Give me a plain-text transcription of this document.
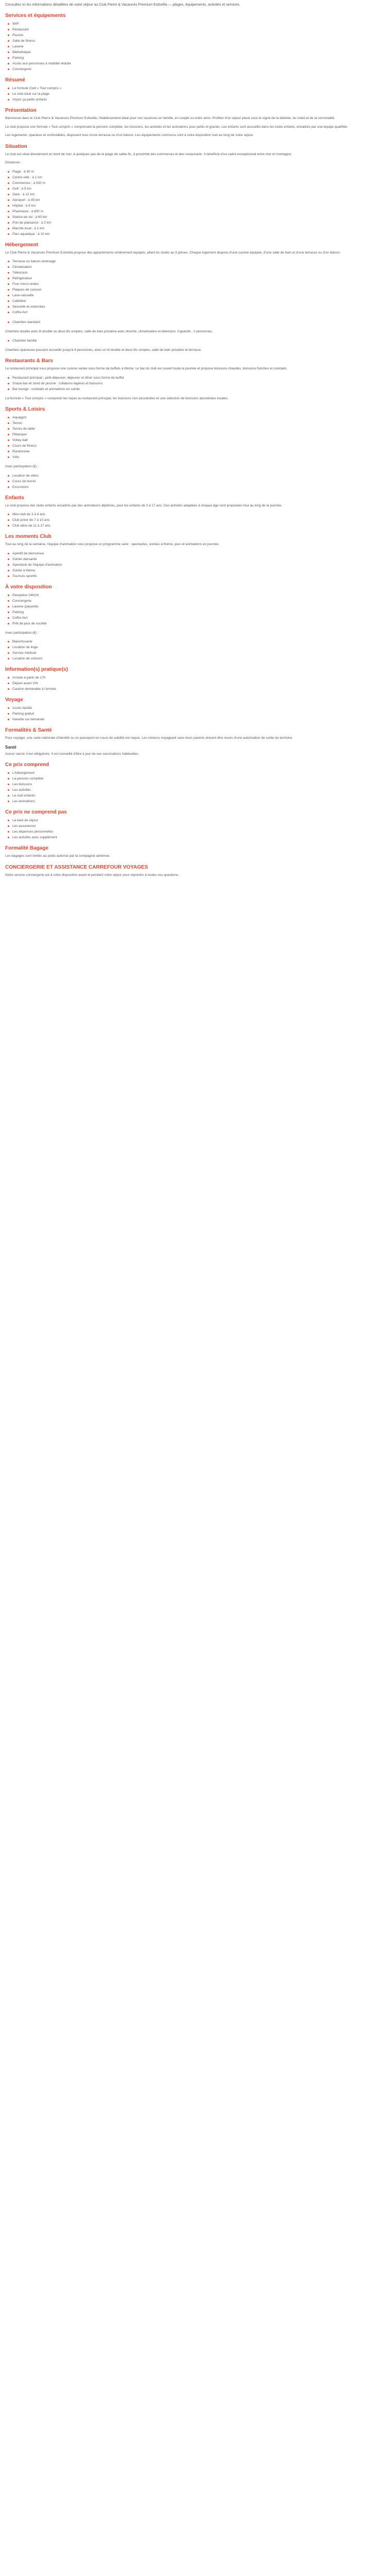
Consultez ici les informations détaillées de votre séjour au Club Pierre & Vacances Premium Estivella — plages, équipements, activités et services.

Services et équipements
WiFi
Restaurant
Piscine
Salle de fitness
Laverie
Bibliothèque
Parking
Accès aux personnes à mobilité réduite
Conciergerie
Résumé
Le formule Club « Tout compris »
Le club situé sur la plage
Voyez ça petits enfants
Présentation

Bienvenue dans le Club Pierre & Vacances Premium Estivella, l'établissement idéal pour vos vacances en famille, en couple ou entre amis. Profitez d'un séjour placé sous le signe de la détente, du soleil et de la convivialité.

Le club propose une formule « Tout compris » comprenant la pension complète, les boissons, les activités et les animations pour petits et grands. Les enfants sont accueillis dans les clubs enfants, encadrés par une équipe qualifiée.

Les logements, spacieux et confortables, disposent tous d'une terrasse ou d'un balcon. Les équipements communs sont à votre disposition tout au long de votre séjour.

Situation

Le club est situé directement en bord de mer, à quelques pas de la plage de sable fin, à proximité des commerces et des restaurants. Il bénéficie d'un cadre exceptionnel entre mer et montagne.

Distances :

Plage : à 50 m
Centre-ville : à 1 km
Commerces : à 500 m
Golf : à 5 km
Gare : à 12 km
Aéroport : à 45 km
Hôpital : à 8 km
Pharmacie : à 800 m
Station de ski : à 60 km
Port de plaisance : à 2 km
Marché local : à 1 km
Parc aquatique : à 10 km
Hébergement

Le Club Pierre & Vacances Premium Estivella propose des appartements entièrement équipés, allant du studio au 3 pièces. Chaque logement dispose d'une cuisine équipée, d'une salle de bain et d'une terrasse ou d'un balcon.

Terrasse ou balcon aménagé
Climatisation
Télévision
Réfrigérateur
Four micro-ondes
Plaques de cuisson
Lave-vaisselle
Cafetière
Vaisselle et ustensiles
Coffre-fort
Chambre standard

Chambre double avec lit double ou deux lits simples, salle de bain privative avec douche, climatisation et télévision. Capacité : 2 personnes.

Chambre famille

Chambre spacieuse pouvant accueillir jusqu'à 4 personnes, avec un lit double et deux lits simples, salle de bain privative et terrasse.

Restaurants & Bars

Le restaurant principal vous propose une cuisine variée sous forme de buffets à thème. Le bar du club est ouvert toute la journée et propose boissons chaudes, boissons fraîches et cocktails.

Restaurant principal : petit-déjeuner, déjeuner et dîner sous forme de buffet
Snack-bar en bord de piscine : collations légères et boissons
Bar lounge : cocktails et animations en soirée

La formule « Tout compris » comprend les repas au restaurant principal, les boissons non alcoolisées et une sélection de boissons alcoolisées locales.

Sports & Loisirs
Aquagym
Tennis
Tennis de table
Pétanque
Volley-ball
Cours de fitness
Randonnée
Vélo

Avec participation (€) :

Location de vélos
Cours de tennis
Excursions
Enfants

Le club propose des clubs enfants encadrés par des animateurs diplômés, pour les enfants de 3 à 17 ans. Des activités adaptées à chaque âge sont proposées tout au long de la journée.

Mini-club de 3 à 6 ans
Club junior de 7 à 10 ans
Club ados de 11 à 17 ans
Les moments Club

Tout au long de la semaine, l'équipe d'animation vous propose un programme varié : spectacles, soirées à thème, jeux et animations en journée.

Apéritif de bienvenue
Soirée dansante
Spectacle de l'équipe d'animation
Soirée à thème
Tournois sportifs
À votre disposition
Réception 24h/24
Conciergerie
Laverie (payante)
Parking
Coffre-fort
Prêt de jeux de société

Avec participation (€) :

Blanchisserie
Location de linge
Service médical
Location de voitures
Information(s) pratique(s)
Arrivée à partir de 17h
Départ avant 10h
Caution demandée à l'arrivée
Voyage
Accès facilité
Parking gratuit
Navette sur demande
Formalités & Santé

Pour voyager, une carte nationale d'identité ou un passeport en cours de validité est requis. Les mineurs voyageant sans leurs parents doivent être munis d'une autorisation de sortie du territoire.

Santé

Aucun vaccin n'est obligatoire. Il est conseillé d'être à jour de ses vaccinations habituelles.

Ce prix comprend
L'hébergement
La pension complète
Les boissons
Les activités
Le club enfants
Les animations
Ce prix ne comprend pas
La taxe de séjour
Les assurances
Les dépenses personnelles
Les activités avec supplément
Formalité Bagage

Les bagages sont limités au poids autorisé par la compagnie aérienne.

CONCIERGERIE ET ASSISTANCE CARREFOUR VOYAGES

Notre service conciergerie est à votre disposition avant et pendant votre séjour pour répondre à toutes vos questions.
